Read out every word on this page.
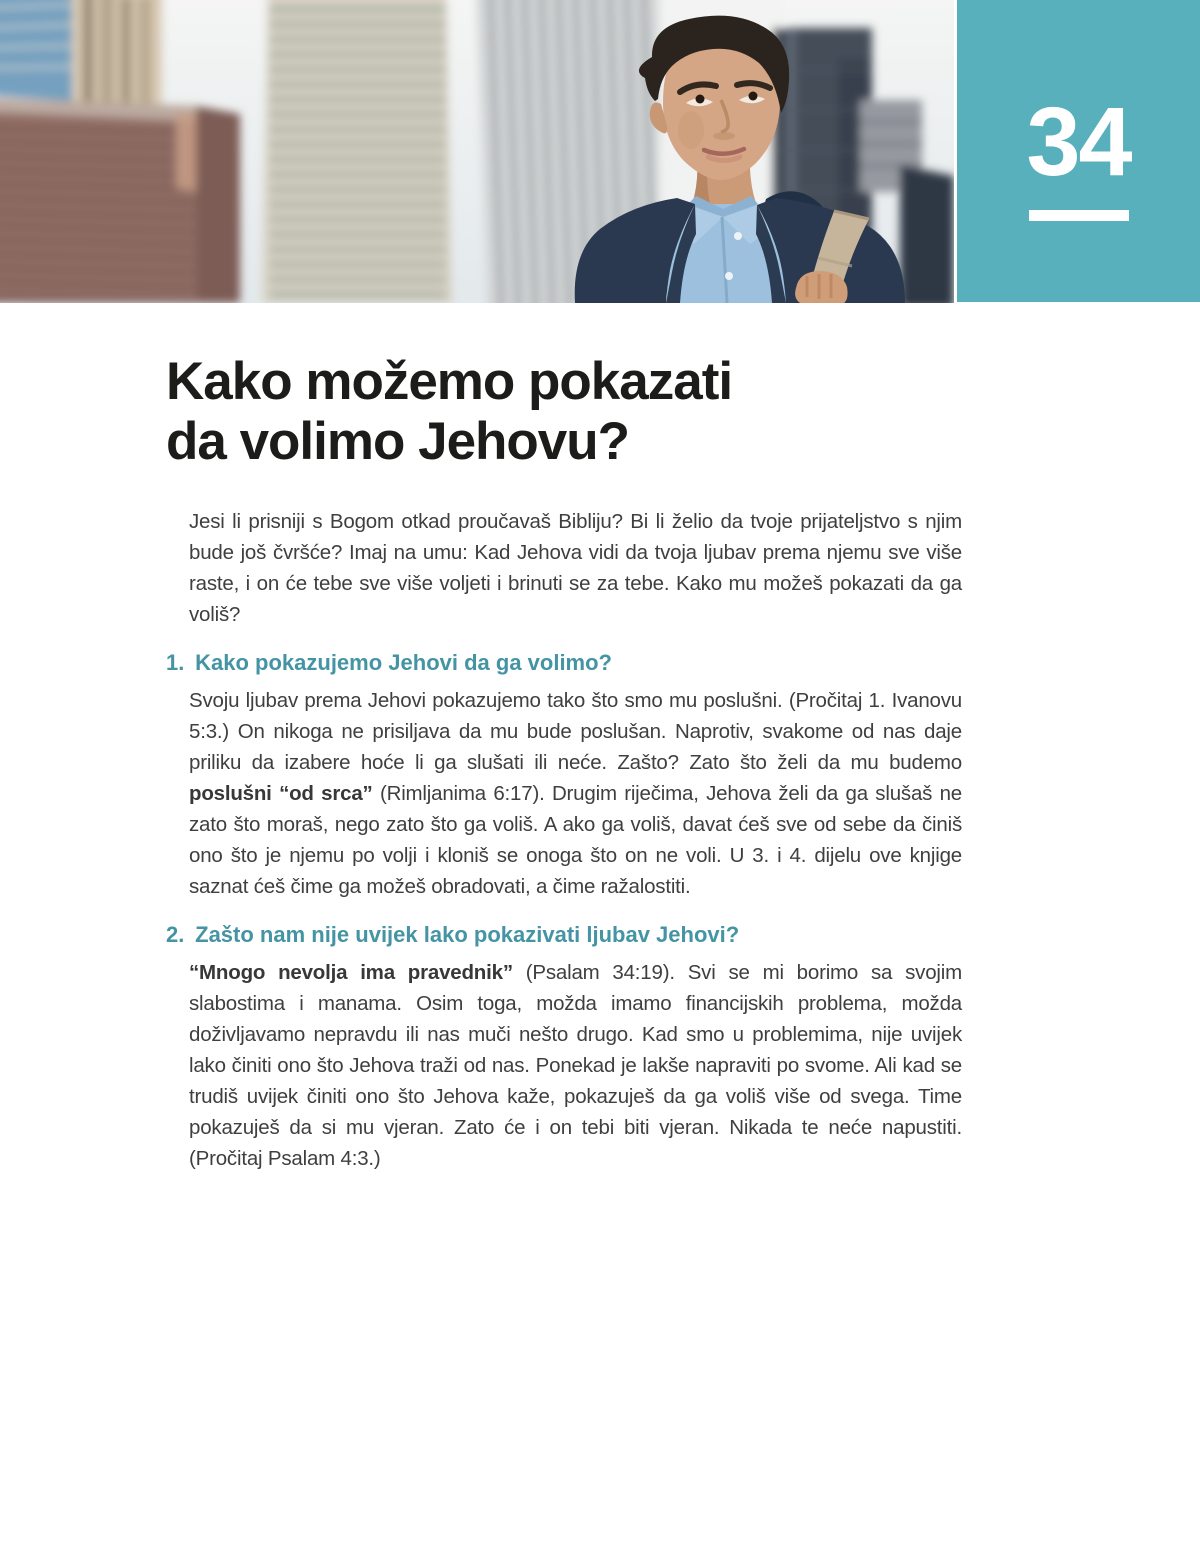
34
Kako možemo pokazati
da volimo Jehovu?

Jesi li prisniji s Bogom otkad proučavaš Bibliju? Bi li želio da tvoje prijateljstvo s njim bude još čvršće? Imaj na umu: Kad Jehova vidi da tvoja ljubav prema njemu sve više raste, i on će tebe sve više voljeti i brinuti se za tebe. Kako mu možeš pokazati da ga voliš?

1. Kako pokazujemo Jehovi da ga volimo?

Svoju ljubav prema Jehovi pokazujemo tako što smo mu poslušni. (Pročitaj 1. Ivanovu 5:3.) On nikoga ne prisiljava da mu bude poslušan. Naprotiv, svakome od nas daje priliku da izabere hoće li ga slušati ili neće. Zašto? Zato što želi da mu budemo poslušni “od srca” (Rimljanima 6:17). Drugim riječima, Jehova želi da ga slušaš ne zato što moraš, nego zato što ga voliš. A ako ga voliš, davat ćeš sve od sebe da činiš ono što je njemu po volji i kloniš se onoga što on ne voli. U 3. i 4. dijelu ove knjige saznat ćeš čime ga možeš obradovati, a čime ražalostiti.

2. Zašto nam nije uvijek lako pokazivati ljubav Jehovi?

“Mnogo nevolja ima pravednik” (Psalam 34:19). Svi se mi borimo sa svojim slabostima i manama. Osim toga, možda imamo financijskih problema, možda doživljavamo nepravdu ili nas muči nešto drugo. Kad smo u problemima, nije uvijek lako činiti ono što Jehova traži od nas. Ponekad je lakše napraviti po svome. Ali kad se trudiš uvijek činiti ono što Jehova kaže, pokazuješ da ga voliš više od svega. Time pokazuješ da si mu vjeran. Zato će i on tebi biti vjeran. Nikada te neće napustiti. (Pročitaj Psalam 4:3.)
